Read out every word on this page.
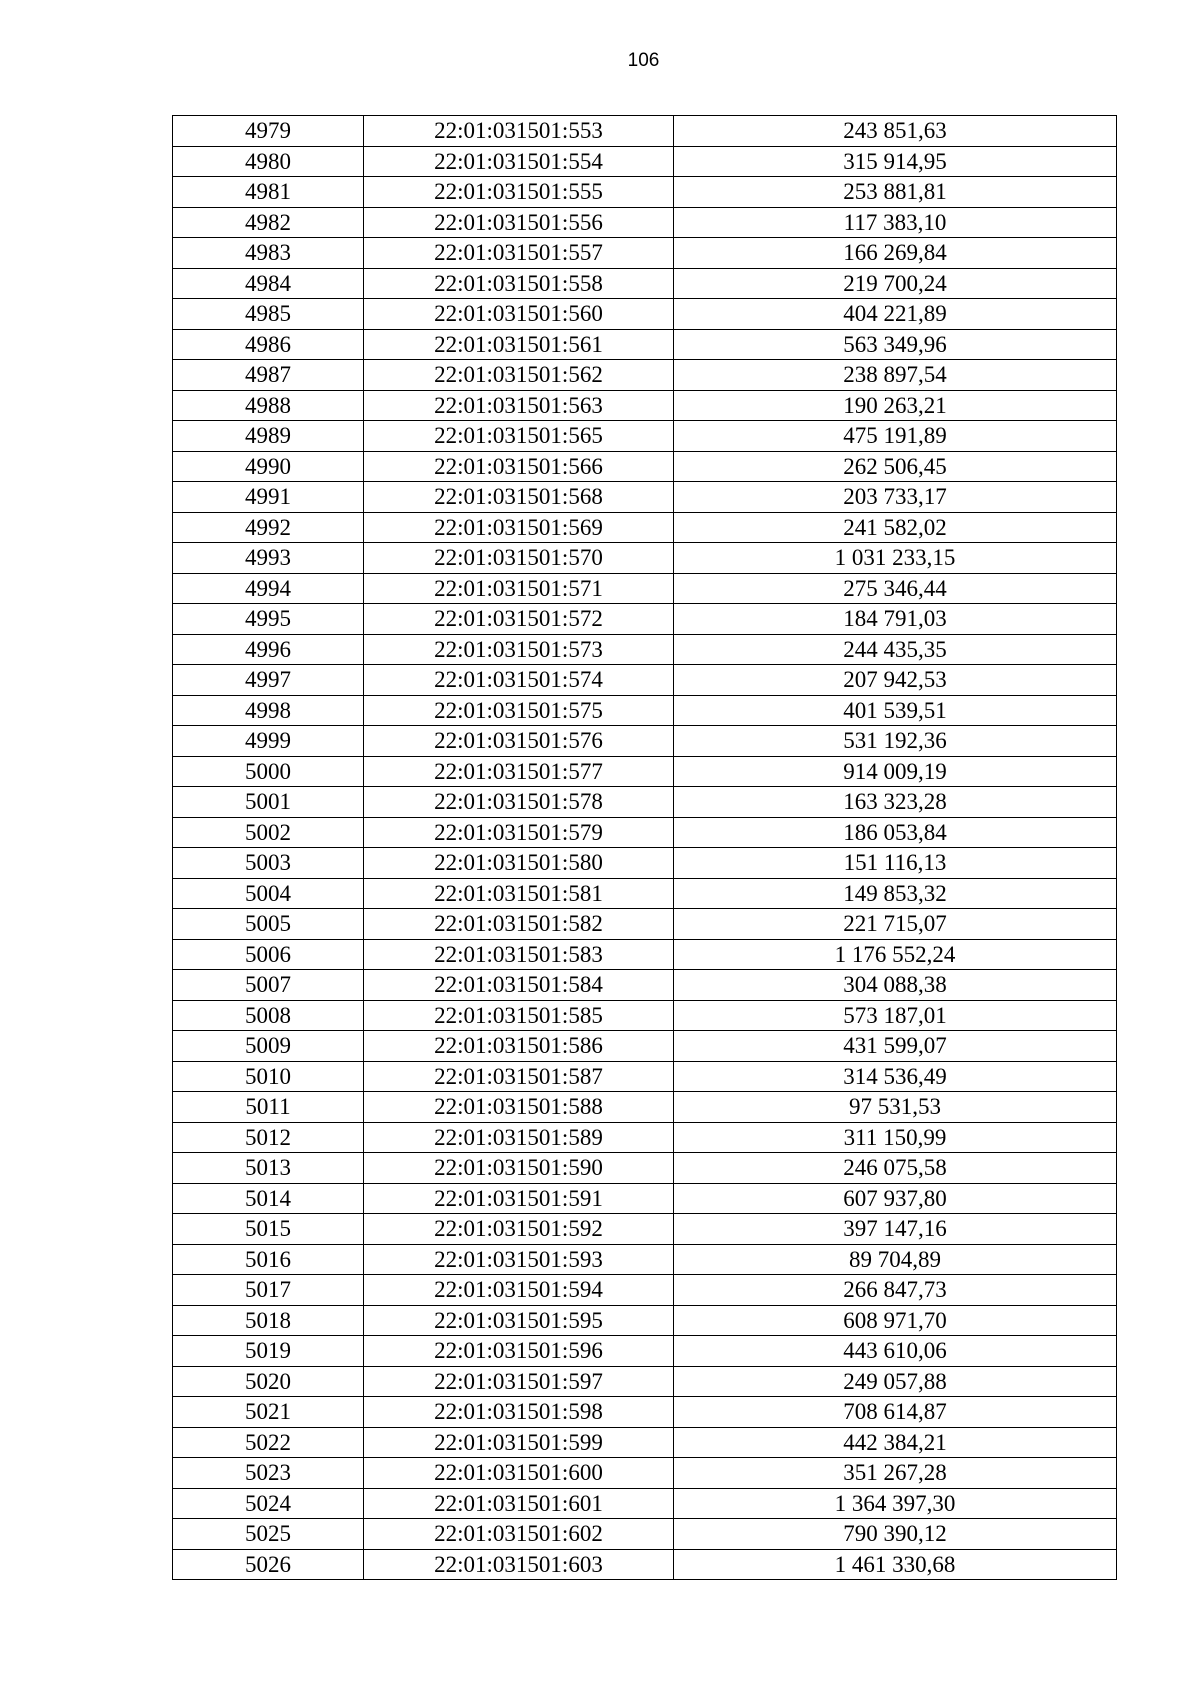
106
4979	22:01:031501:553	243 851,63
4980	22:01:031501:554	315 914,95
4981	22:01:031501:555	253 881,81
4982	22:01:031501:556	117 383,10
4983	22:01:031501:557	166 269,84
4984	22:01:031501:558	219 700,24
4985	22:01:031501:560	404 221,89
4986	22:01:031501:561	563 349,96
4987	22:01:031501:562	238 897,54
4988	22:01:031501:563	190 263,21
4989	22:01:031501:565	475 191,89
4990	22:01:031501:566	262 506,45
4991	22:01:031501:568	203 733,17
4992	22:01:031501:569	241 582,02
4993	22:01:031501:570	1 031 233,15
4994	22:01:031501:571	275 346,44
4995	22:01:031501:572	184 791,03
4996	22:01:031501:573	244 435,35
4997	22:01:031501:574	207 942,53
4998	22:01:031501:575	401 539,51
4999	22:01:031501:576	531 192,36
5000	22:01:031501:577	914 009,19
5001	22:01:031501:578	163 323,28
5002	22:01:031501:579	186 053,84
5003	22:01:031501:580	151 116,13
5004	22:01:031501:581	149 853,32
5005	22:01:031501:582	221 715,07
5006	22:01:031501:583	1 176 552,24
5007	22:01:031501:584	304 088,38
5008	22:01:031501:585	573 187,01
5009	22:01:031501:586	431 599,07
5010	22:01:031501:587	314 536,49
5011	22:01:031501:588	97 531,53
5012	22:01:031501:589	311 150,99
5013	22:01:031501:590	246 075,58
5014	22:01:031501:591	607 937,80
5015	22:01:031501:592	397 147,16
5016	22:01:031501:593	89 704,89
5017	22:01:031501:594	266 847,73
5018	22:01:031501:595	608 971,70
5019	22:01:031501:596	443 610,06
5020	22:01:031501:597	249 057,88
5021	22:01:031501:598	708 614,87
5022	22:01:031501:599	442 384,21
5023	22:01:031501:600	351 267,28
5024	22:01:031501:601	1 364 397,30
5025	22:01:031501:602	790 390,12
5026	22:01:031501:603	1 461 330,68
